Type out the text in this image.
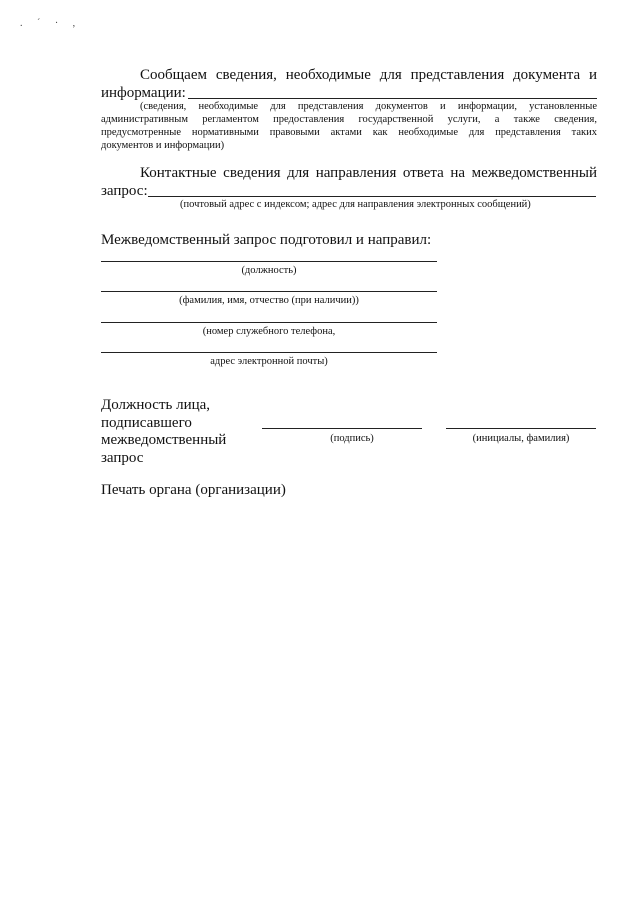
. ´ · ,
Сообщаем сведения, необходимые для представления документа и
информации:
(сведения, необходимые для представления документов и информации, установленные
административным регламентом предоставления государственной услуги, а также сведения,
предусмотренные нормативными правовыми актами как необходимые для представления таких
документов и информации)
Контактные сведения для направления ответа на межведомственный
запрос:
(почтовый адрес с индексом; адрес для направления электронных сообщений)
Межведомственный запрос подготовил и направил:
(должность)
(фамилия, имя, отчество (при наличии))
(номер служебного телефона,
адрес электронной почты)
Должность лица,
подписавшего
межведомственный
запрос
(подпись)	(инициалы, фамилия)
Печать органа (организации)
